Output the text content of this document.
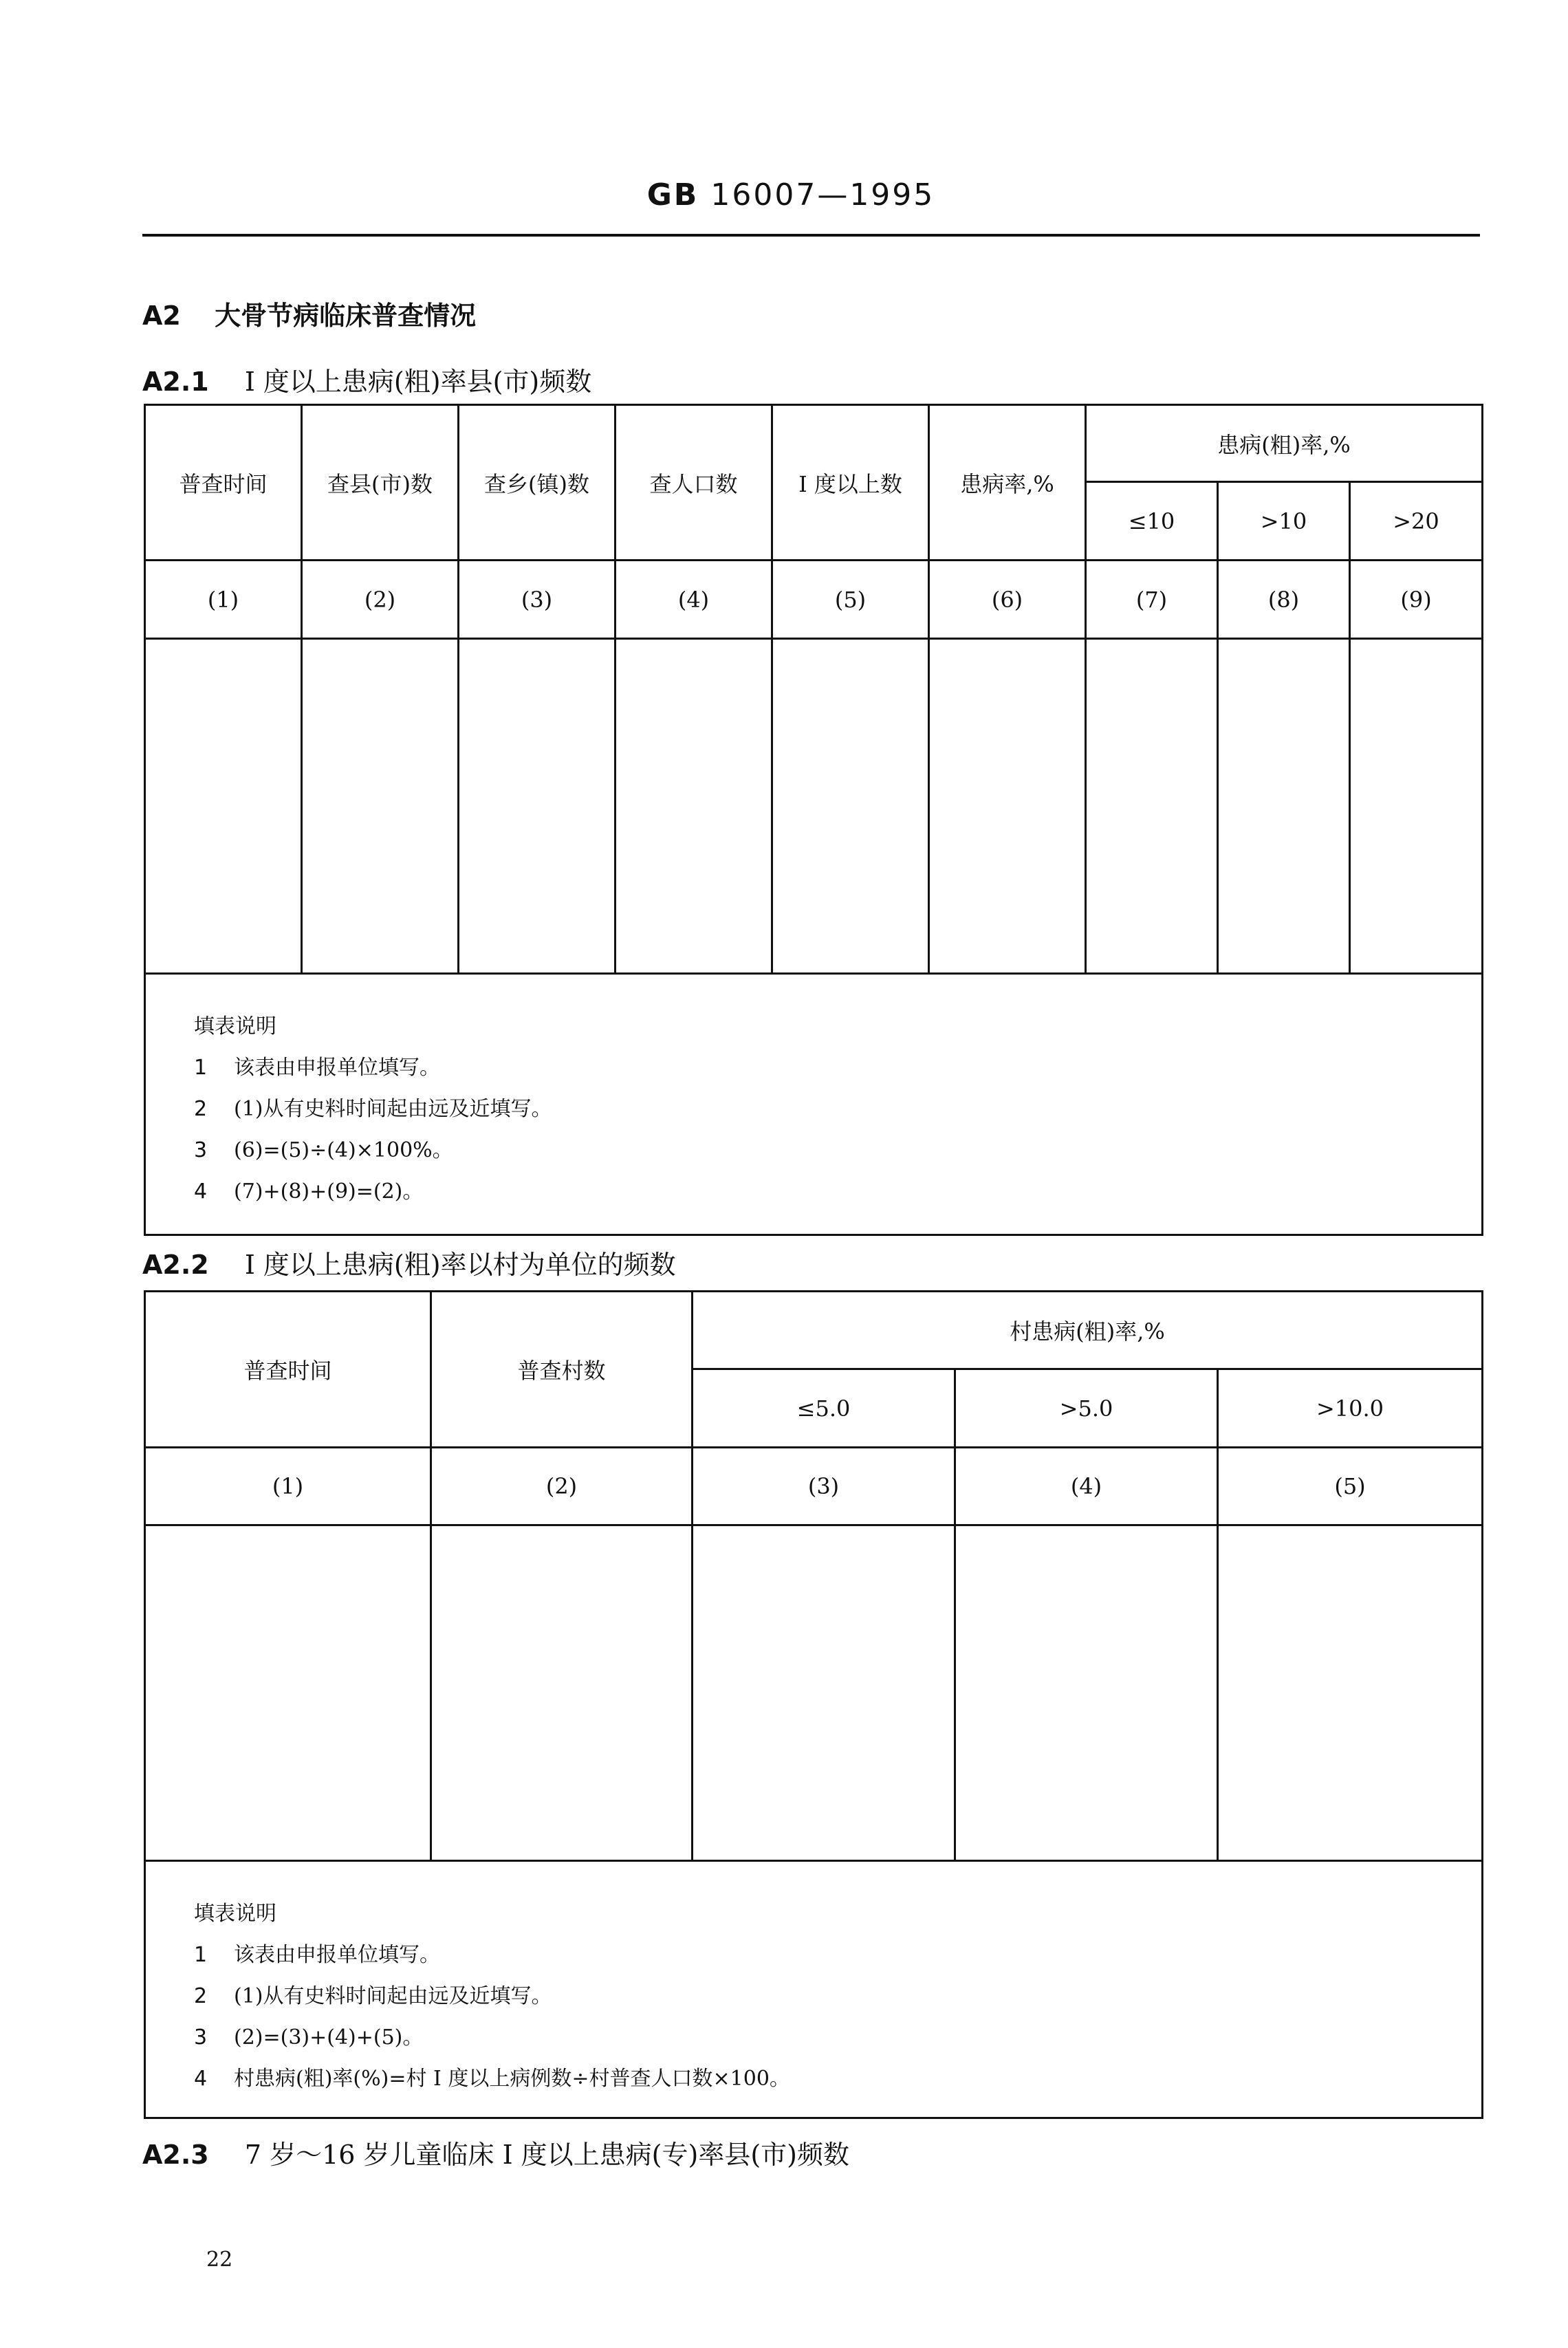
GB 16007—1995
A2 大骨节病临床普查情况
A2.1 I 度以上患病(粗)率县(市)频数
普查时间	查县(市)数	查乡(镇)数	查人口数	I 度以上数	患病率,%	患病(粗)率,%		
						≤10	>10	>20
(1)	(2)	(3)	(4)	(5)	(6)	(7)	(8)	(9)

填表说明
1 该表由申报单位填写。
2 (1)从有史料时间起由远及近填写。
3 (6)=(5)÷(4)×100%。
4 (7)+(8)+(9)=(2)。								
A2.2 I 度以上患病(粗)率以村为单位的频数
普查时间	普查村数	村患病(粗)率,%		
		≤5.0	>5.0	>10.0
(1)	(2)	(3)	(4)	(5)

填表说明
1 该表由申报单位填写。
2 (1)从有史料时间起由远及近填写。
3 (2)=(3)+(4)+(5)。
4 村患病(粗)率(%)=村 I 度以上病例数÷村普查人口数×100。				
A2.3 7 岁～16 岁儿童临床 I 度以上患病(专)率县(市)频数
22
